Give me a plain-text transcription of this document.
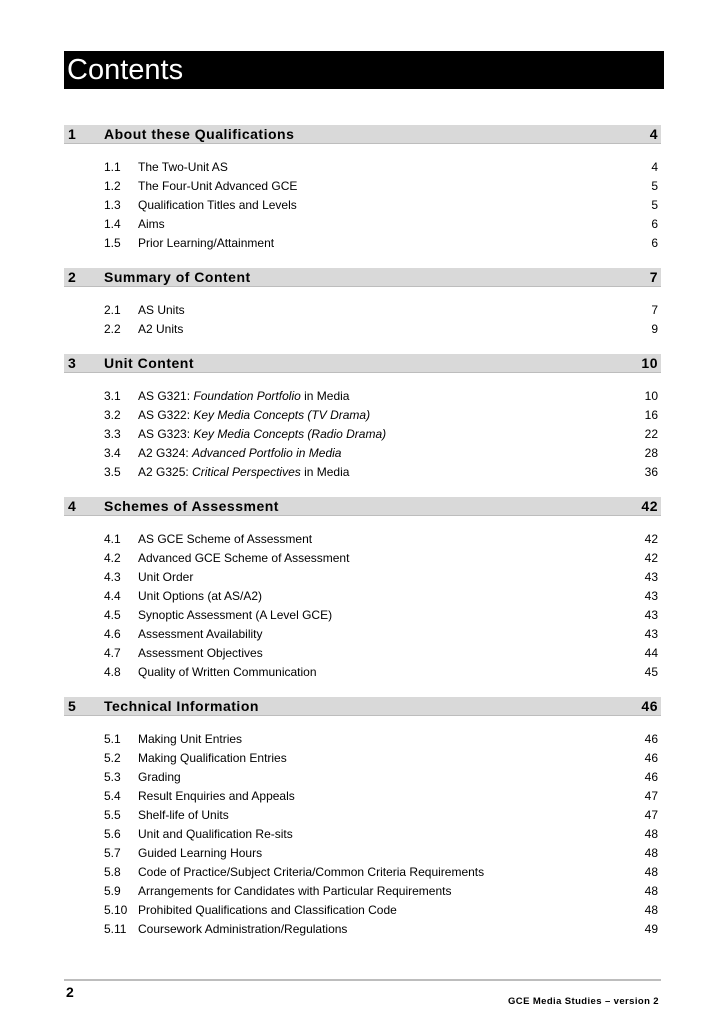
Contents
1 About these Qualifications	4
1.1 The Two-Unit AS	4
1.2 The Four-Unit Advanced GCE	5
1.3 Qualification Titles and Levels	5
1.4 Aims	6
1.5 Prior Learning/Attainment	6
2 Summary of Content	7
2.1 AS Units	7
2.2 A2 Units	9
3 Unit Content	10
3.1 AS G321: Foundation Portfolio in Media	10
3.2 AS G322: Key Media Concepts (TV Drama)	16
3.3 AS G323: Key Media Concepts (Radio Drama)	22
3.4 A2 G324: Advanced Portfolio in Media	28
3.5 A2 G325: Critical Perspectives in Media	36
4 Schemes of Assessment	42
4.1 AS GCE Scheme of Assessment	42
4.2 Advanced GCE Scheme of Assessment	42
4.3 Unit Order	43
4.4 Unit Options (at AS/A2)	43
4.5 Synoptic Assessment (A Level GCE)	43
4.6 Assessment Availability	43
4.7 Assessment Objectives	44
4.8 Quality of Written Communication	45
5 Technical Information	46
5.1 Making Unit Entries	46
5.2 Making Qualification Entries	46
5.3 Grading	46
5.4 Result Enquiries and Appeals	47
5.5 Shelf-life of Units	47
5.6 Unit and Qualification Re-sits	48
5.7 Guided Learning Hours	48
5.8 Code of Practice/Subject Criteria/Common Criteria Requirements	48
5.9 Arrangements for Candidates with Particular Requirements	48
5.10 Prohibited Qualifications and Classification Code	48
5.11 Coursework Administration/Regulations	49
2
GCE Media Studies – version 2
